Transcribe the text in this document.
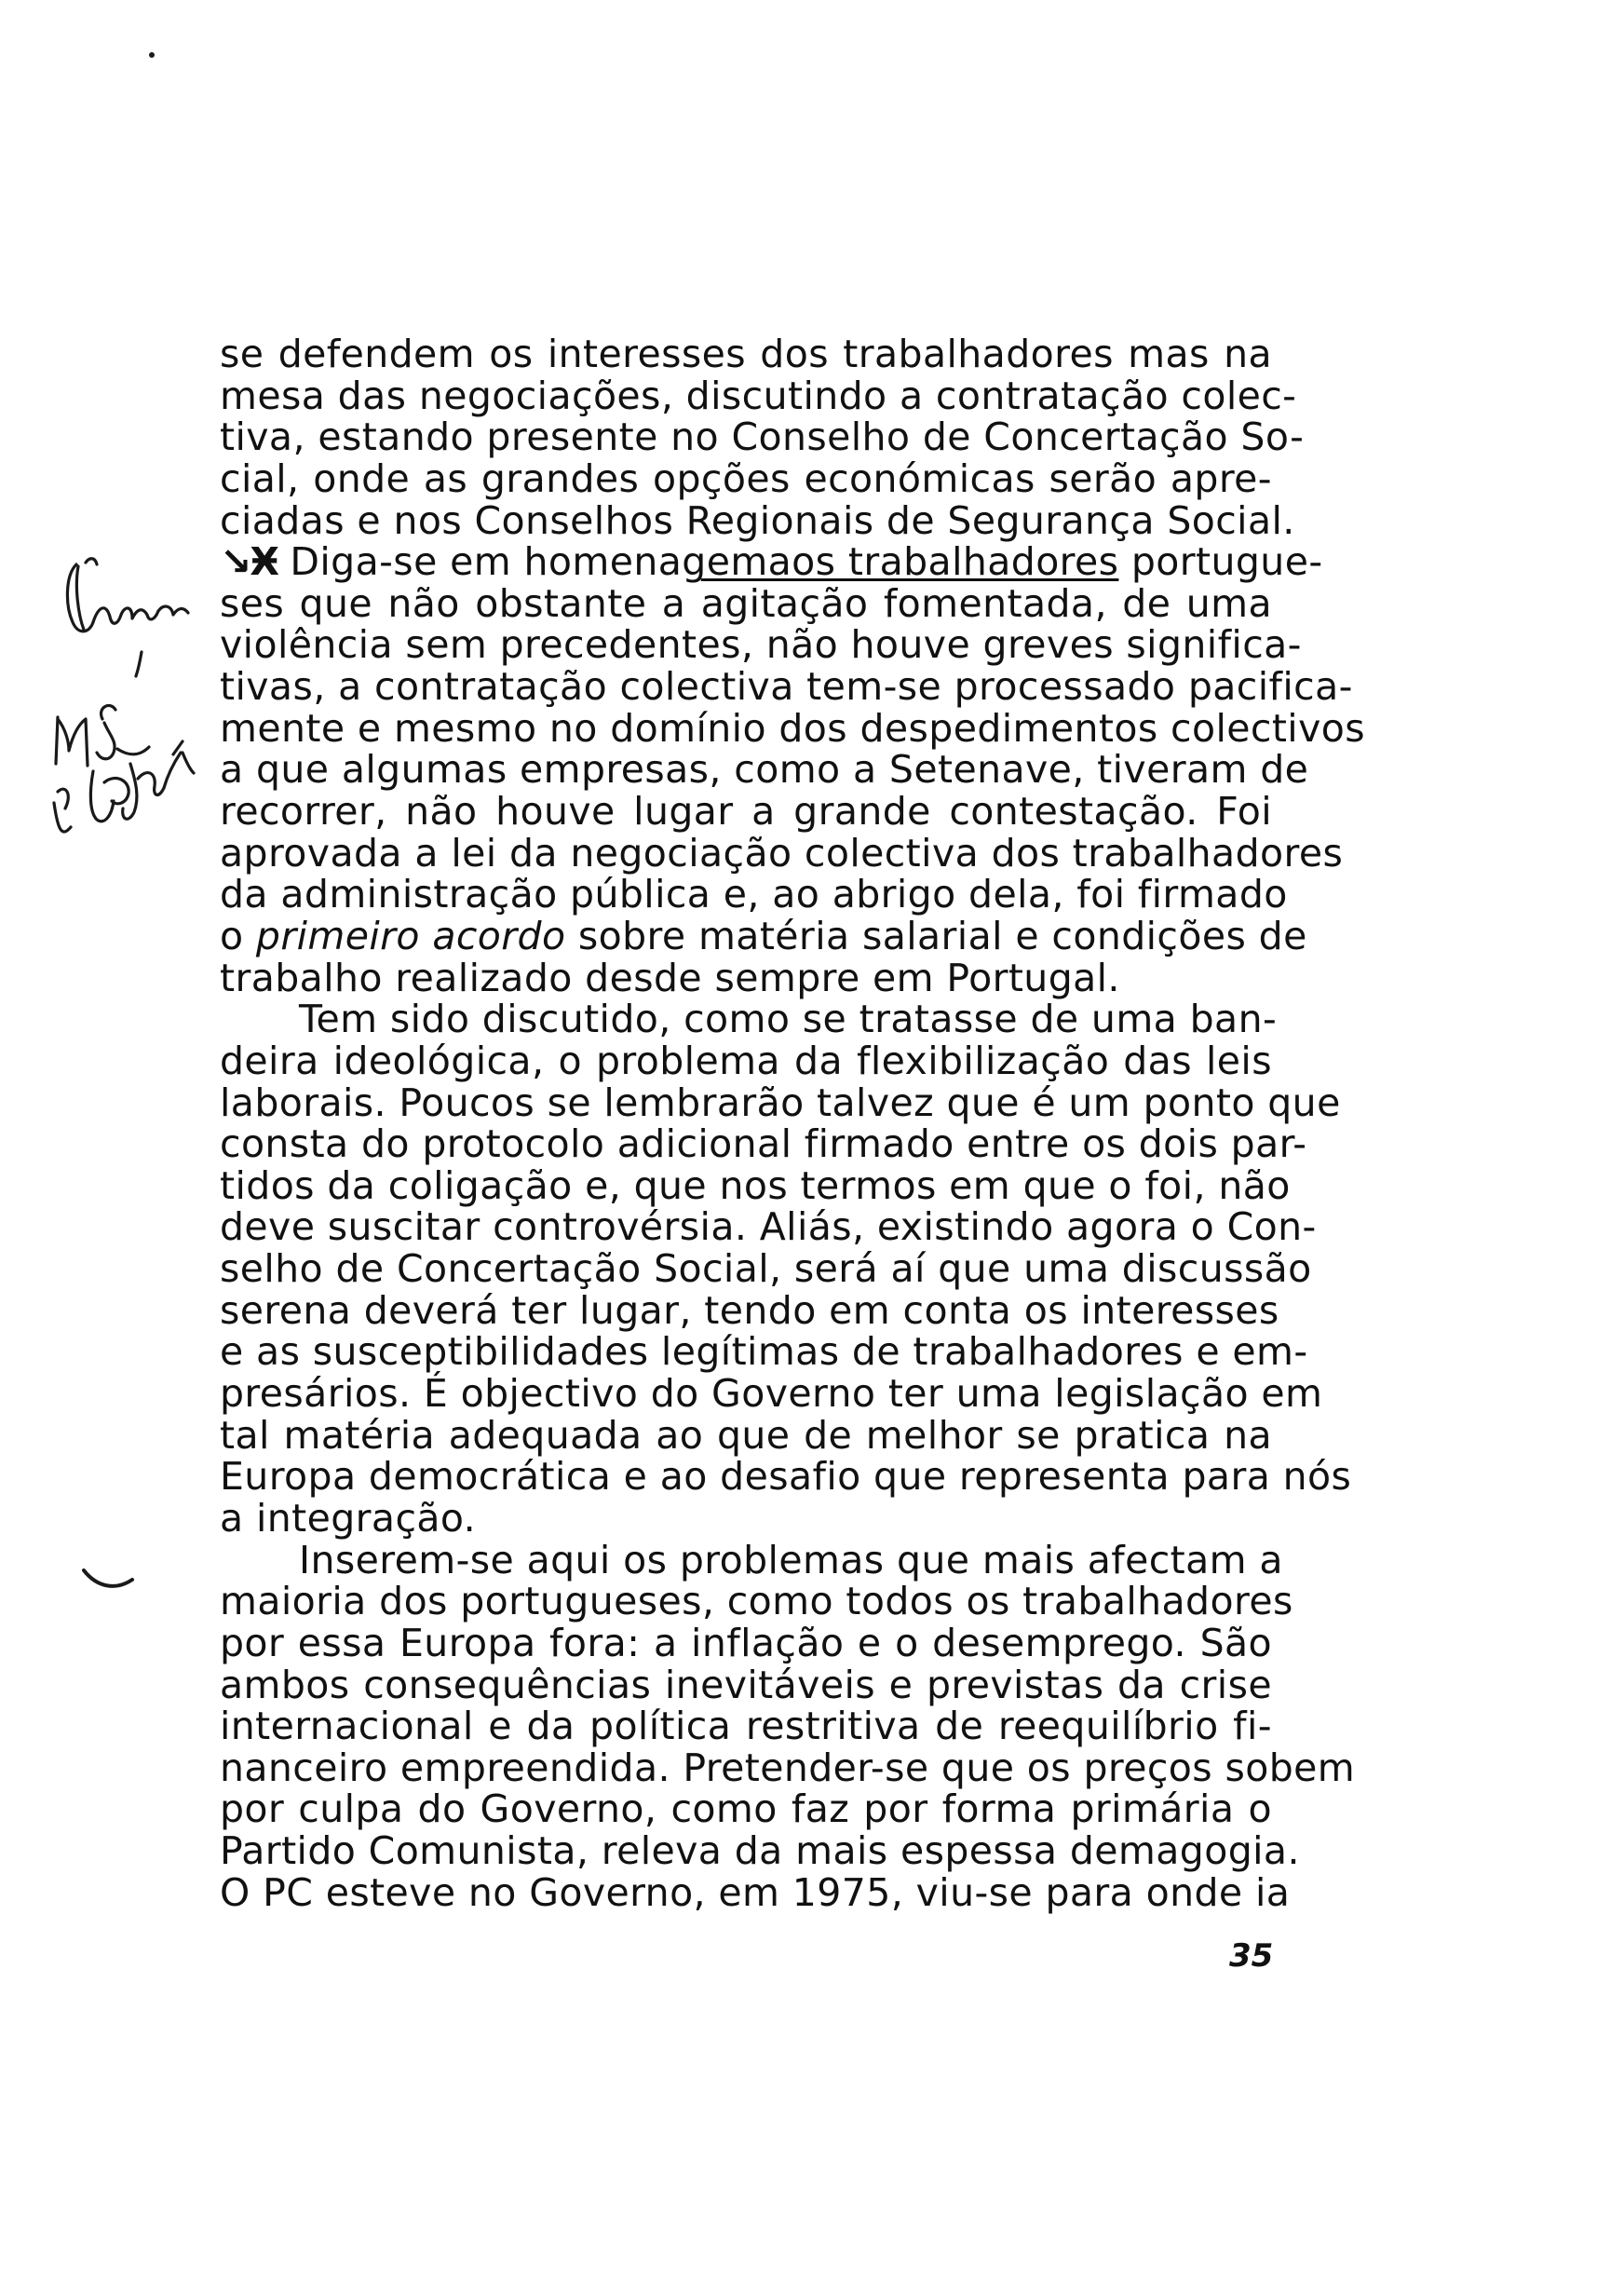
se defendem os interesses dos trabalhadores mas na
mesa das negociações, discutindo a contratação colec-
tiva, estando presente no Conselho de Concertação So-
cial, onde as grandes opções económicas serão apre-
ciadas e nos Conselhos Regionais de Segurança Social.
↘Ӿ Diga-se em homenagemaos trabalhadores portugue-
ses que não obstante a agitação fomentada, de uma
violência sem precedentes, não houve greves significa-
tivas, a contratação colectiva tem-se processado pacifica-
mente e mesmo no domínio dos despedimentos colectivos
a que algumas empresas, como a Setenave, tiveram de
recorrer, não houve lugar a grande contestação. Foi
aprovada a lei da negociação colectiva dos trabalhadores
da administração pública e, ao abrigo dela, foi firmado
o primeiro acordo sobre matéria salarial e condições de
trabalho realizado desde sempre em Portugal.
Tem sido discutido, como se tratasse de uma ban-
deira ideológica, o problema da flexibilização das leis
laborais. Poucos se lembrarão talvez que é um ponto que
consta do protocolo adicional firmado entre os dois par-
tidos da coligação e, que nos termos em que o foi, não
deve suscitar controvérsia. Aliás, existindo agora o Con-
selho de Concertação Social, será aí que uma discussão
serena deverá ter lugar, tendo em conta os interesses
e as susceptibilidades legítimas de trabalhadores e em-
presários. É objectivo do Governo ter uma legislação em
tal matéria adequada ao que de melhor se pratica na
Europa democrática e ao desafio que representa para nós
a integração.
Inserem-se aqui os problemas que mais afectam a
maioria dos portugueses, como todos os trabalhadores
por essa Europa fora: a inflação e o desemprego. São
ambos consequências inevitáveis e previstas da crise
internacional e da política restritiva de reequilíbrio fi-
nanceiro empreendida. Pretender-se que os preços sobem
por culpa do Governo, como faz por forma primária o
Partido Comunista, releva da mais espessa demagogia.
O PC esteve no Governo, em 1975, viu-se para onde ia
35
